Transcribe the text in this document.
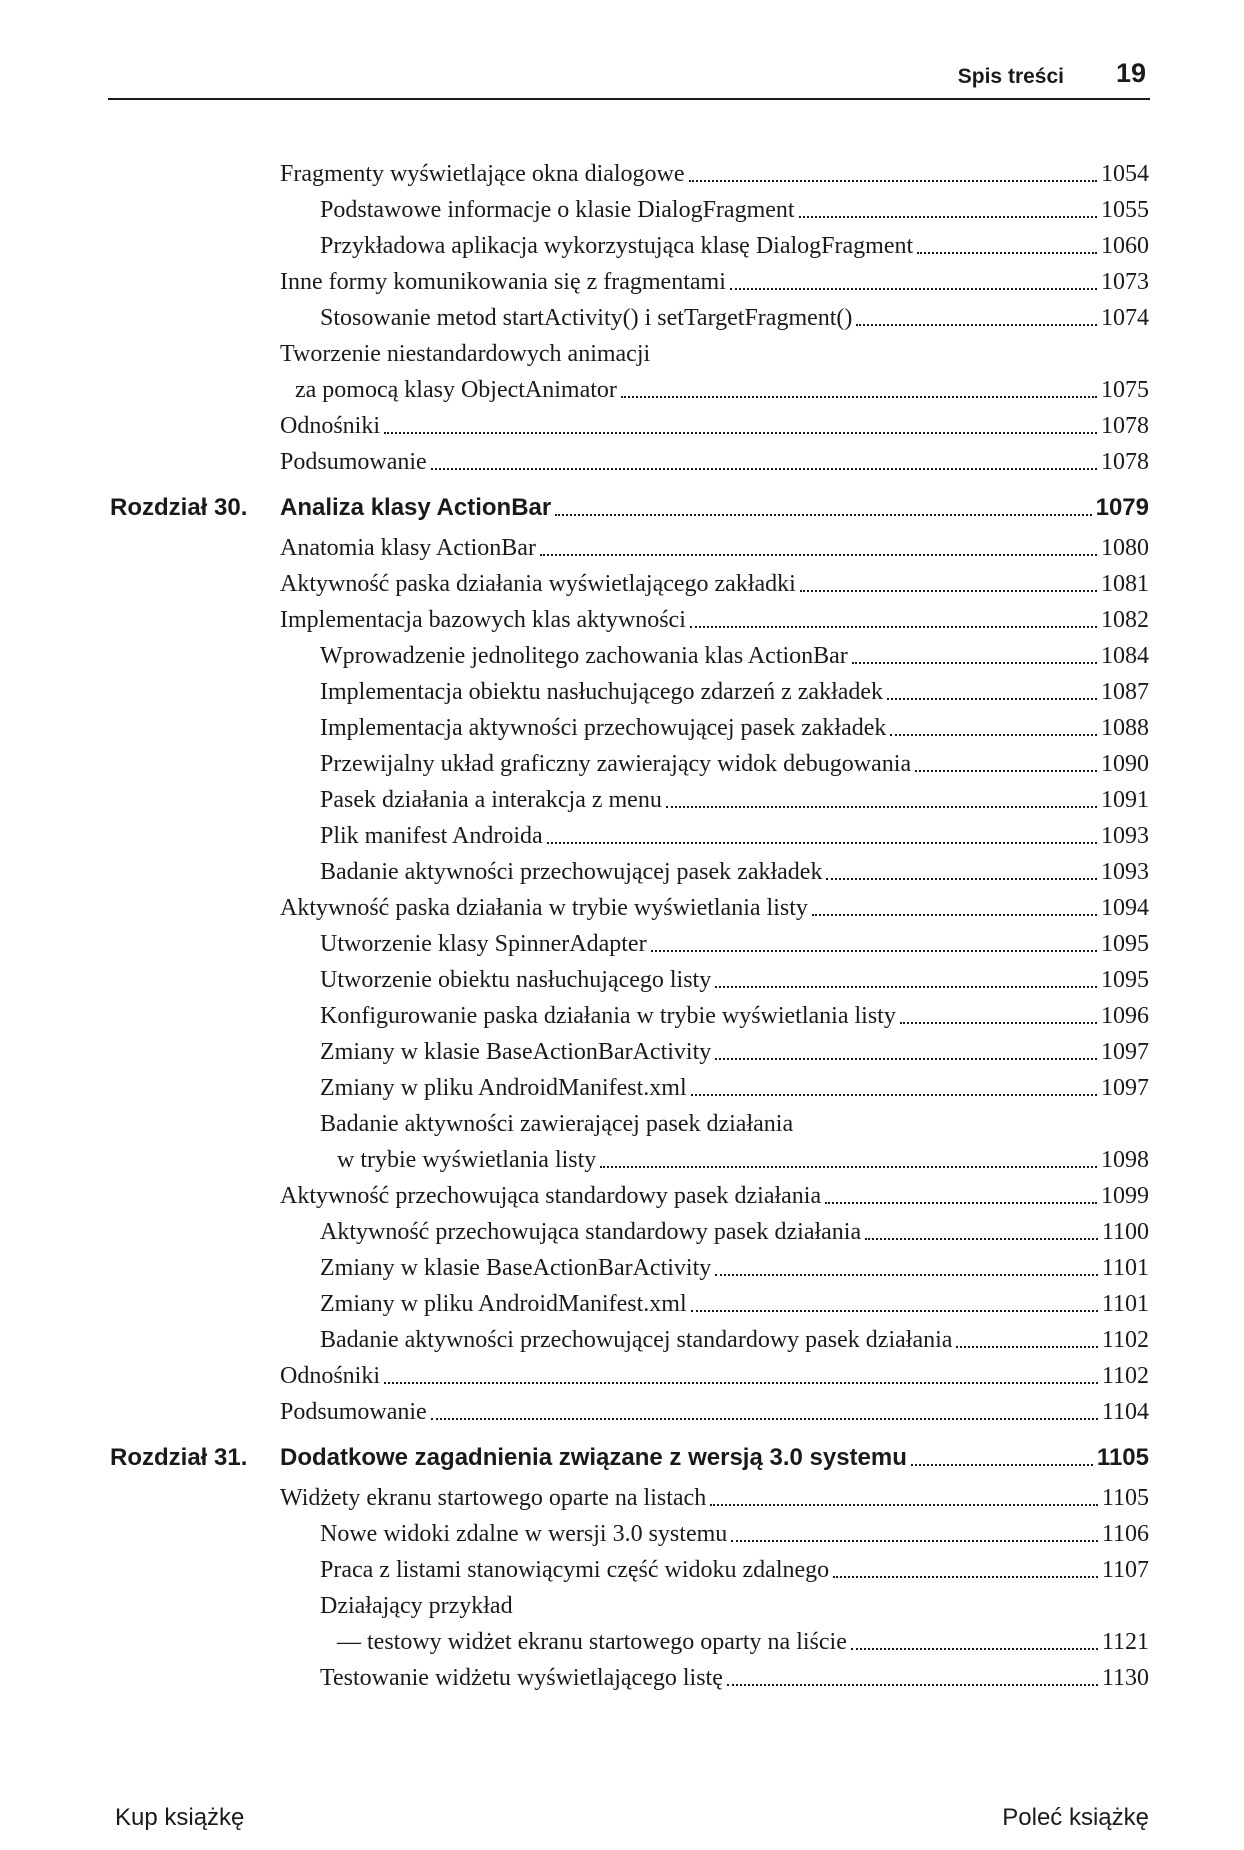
Spis treści 19
Fragmenty wyświetlające okna dialogowe	1054
Podstawowe informacje o klasie DialogFragment	1055
Przykładowa aplikacja wykorzystująca klasę DialogFragment	1060
Inne formy komunikowania się z fragmentami	1073
Stosowanie metod startActivity() i setTargetFragment()	1074
Tworzenie niestandardowych animacji
za pomocą klasy ObjectAnimator	1075
Odnośniki	1078
Podsumowanie	1078
Rozdział 30. Analiza klasy ActionBar	1079
Anatomia klasy ActionBar	1080
Aktywność paska działania wyświetlającego zakładki	1081
Implementacja bazowych klas aktywności	1082
Wprowadzenie jednolitego zachowania klas ActionBar	1084
Implementacja obiektu nasłuchującego zdarzeń z zakładek	1087
Implementacja aktywności przechowującej pasek zakładek	1088
Przewijalny układ graficzny zawierający widok debugowania	1090
Pasek działania a interakcja z menu	1091
Plik manifest Androida	1093
Badanie aktywności przechowującej pasek zakładek	1093
Aktywność paska działania w trybie wyświetlania listy	1094
Utworzenie klasy SpinnerAdapter	1095
Utworzenie obiektu nasłuchującego listy	1095
Konfigurowanie paska działania w trybie wyświetlania listy	1096
Zmiany w klasie BaseActionBarActivity	1097
Zmiany w pliku AndroidManifest.xml	1097
Badanie aktywności zawierającej pasek działania
w trybie wyświetlania listy	1098
Aktywność przechowująca standardowy pasek działania	1099
Aktywność przechowująca standardowy pasek działania	1100
Zmiany w klasie BaseActionBarActivity	1101
Zmiany w pliku AndroidManifest.xml	1101
Badanie aktywności przechowującej standardowy pasek działania	1102
Odnośniki	1102
Podsumowanie	1104
Rozdział 31. Dodatkowe zagadnienia związane z wersją 3.0 systemu	1105
Widżety ekranu startowego oparte na listach	1105
Nowe widoki zdalne w wersji 3.0 systemu	1106
Praca z listami stanowiącymi część widoku zdalnego	1107
Działający przykład
— testowy widżet ekranu startowego oparty na liście	1121
Testowanie widżetu wyświetlającego listę	1130
Kup książkę	Poleć książkę
